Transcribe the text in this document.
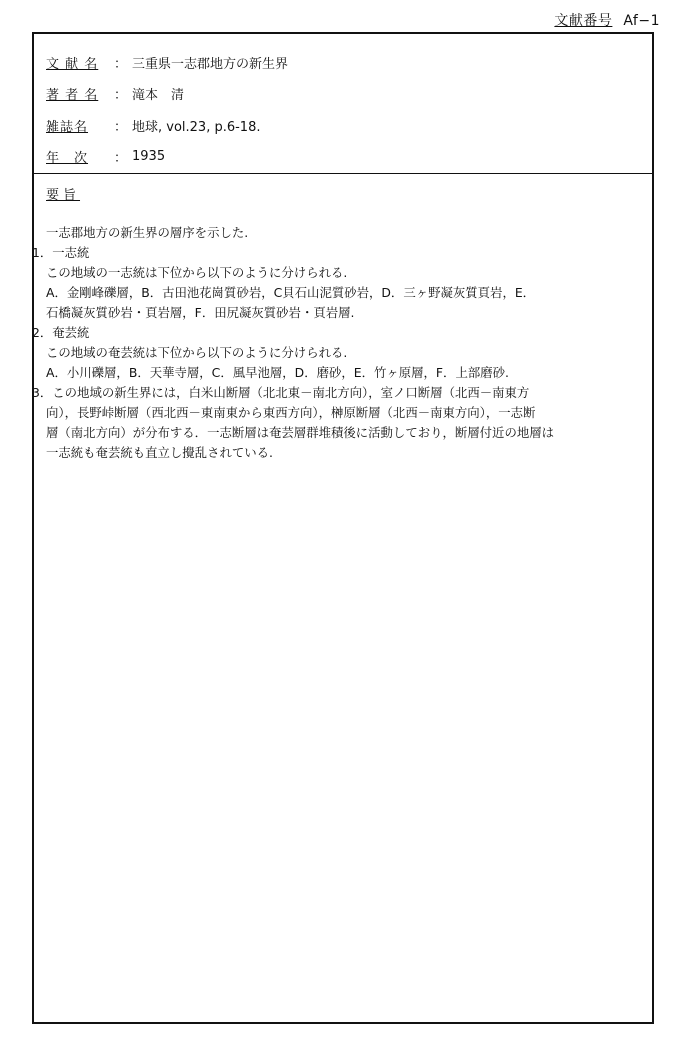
文献番号 Af−1
文 献 名	： 三重県一志郡地方の新生界
著 者 名	： 滝本　清
雑誌名	： 地球, vol.23, p.6-18.
年　次	： 1935
要旨
一志郡地方の新生界の層序を示した.
1．一志統
この地域の一志統は下位から以下のように分けられる.
A．金剛峰礫層，B．古田池花崗質砂岩，C貝石山泥質砂岩，D．三ヶ野凝灰質頁岩，E．
石橋凝灰質砂岩・頁岩層，F．田尻凝灰質砂岩・頁岩層.
2．奄芸統
この地域の奄芸統は下位から以下のように分けられる.
A．小川礫層，B．天華寺層，C．風早池層，D．磨砂，E．竹ヶ原層，F．上部磨砂.
3．この地域の新生界には，白米山断層（北北東－南北方向），室ノ口断層（北西－南東方
向），長野峠断層（西北西－東南東から東西方向），榊原断層（北西－南東方向），一志断
層（南北方向）が分布する．一志断層は奄芸層群堆積後に活動しており，断層付近の地層は
一志統も奄芸統も直立し攪乱されている.
